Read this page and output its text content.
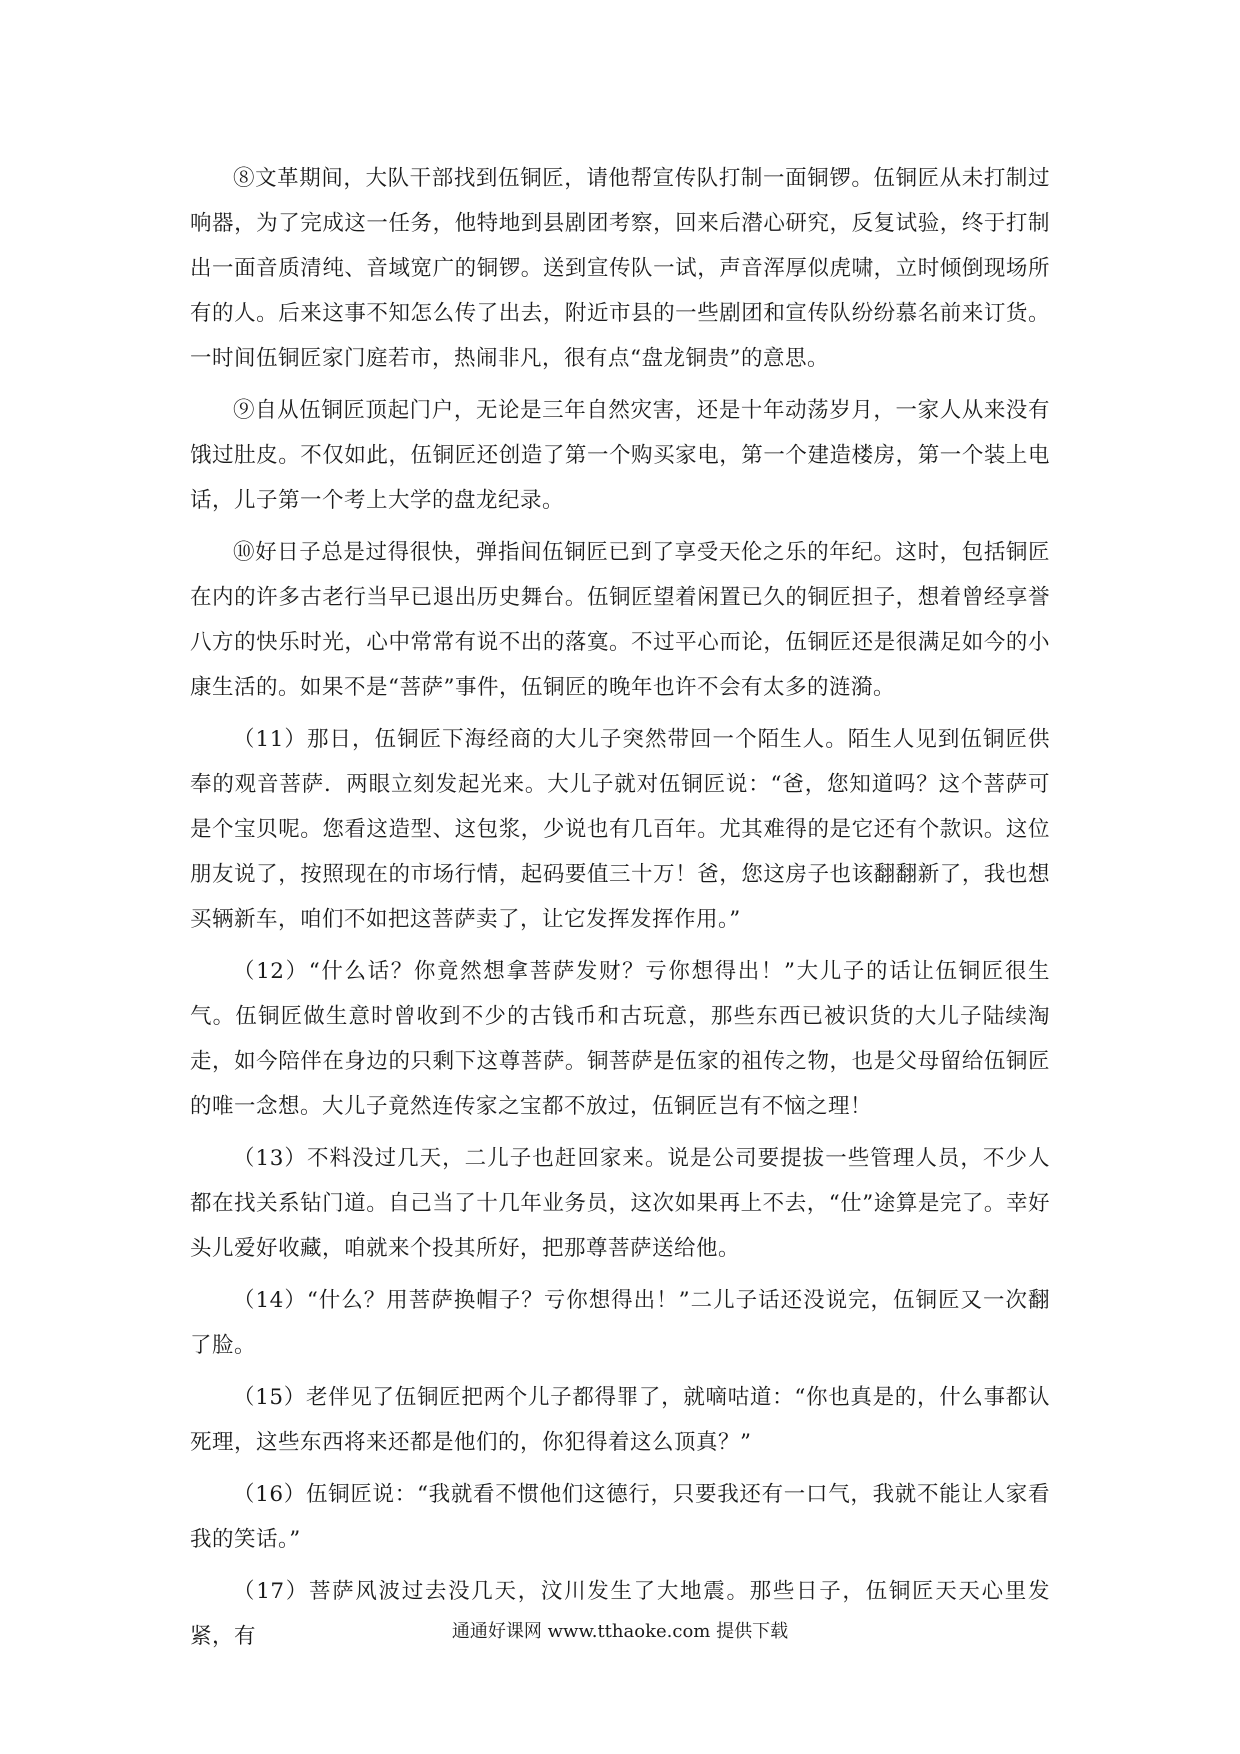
⑧文革期间，大队干部找到伍铜匠，请他帮宣传队打制一面铜锣。伍铜匠从未打制过响器，为了完成这一任务，他特地到县剧团考察，回来后潜心研究，反复试验，终于打制出一面音质清纯、音域宽广的铜锣。送到宣传队一试，声音浑厚似虎啸，立时倾倒现场所有的人。后来这事不知怎么传了出去，附近市县的一些剧团和宣传队纷纷慕名前来订货。一时间伍铜匠家门庭若市，热闹非凡，很有点“盘龙铜贵”的意思。

⑨自从伍铜匠顶起门户，无论是三年自然灾害，还是十年动荡岁月，一家人从来没有饿过肚皮。不仅如此，伍铜匠还创造了第一个购买家电，第一个建造楼房，第一个装上电话，儿子第一个考上大学的盘龙纪录。

⑩好日子总是过得很快，弹指间伍铜匠已到了享受天伦之乐的年纪。这时，包括铜匠在内的许多古老行当早已退出历史舞台。伍铜匠望着闲置已久的铜匠担子，想着曾经享誉八方的快乐时光，心中常常有说不出的落寞。不过平心而论，伍铜匠还是很满足如今的小康生活的。如果不是“菩萨”事件，伍铜匠的晚年也许不会有太多的涟漪。

（11）那日，伍铜匠下海经商的大儿子突然带回一个陌生人。陌生人见到伍铜匠供奉的观音菩萨．两眼立刻发起光来。大儿子就对伍铜匠说：“爸，您知道吗？这个菩萨可是个宝贝呢。您看这造型、这包浆，少说也有几百年。尤其难得的是它还有个款识。这位朋友说了，按照现在的市场行情，起码要值三十万！爸，您这房子也该翻翻新了，我也想买辆新车，咱们不如把这菩萨卖了，让它发挥发挥作用。”

（12）“什么话？你竟然想拿菩萨发财？亏你想得出！”大儿子的话让伍铜匠很生气。伍铜匠做生意时曾收到不少的古钱币和古玩意，那些东西已被识货的大儿子陆续淘走，如今陪伴在身边的只剩下这尊菩萨。铜菩萨是伍家的祖传之物，也是父母留给伍铜匠的唯一念想。大儿子竟然连传家之宝都不放过，伍铜匠岂有不恼之理！

（13）不料没过几天，二儿子也赶回家来。说是公司要提拔一些管理人员，不少人都在找关系钻门道。自己当了十几年业务员，这次如果再上不去，“仕”途算是完了。幸好头儿爱好收藏，咱就来个投其所好，把那尊菩萨送给他。

（14）“什么？用菩萨换帽子？亏你想得出！”二儿子话还没说完，伍铜匠又一次翻了脸。

（15）老伴见了伍铜匠把两个儿子都得罪了，就嘀咕道：“你也真是的，什么事都认死理，这些东西将来还都是他们的，你犯得着这么顶真？”

（16）伍铜匠说：“我就看不惯他们这德行，只要我还有一口气，我就不能让人家看我的笑话。”

（17）菩萨风波过去没几天，汶川发生了大地震。那些日子，伍铜匠天天心里发紧，有	通通好课网 www.tthaoke.com 提供下载
